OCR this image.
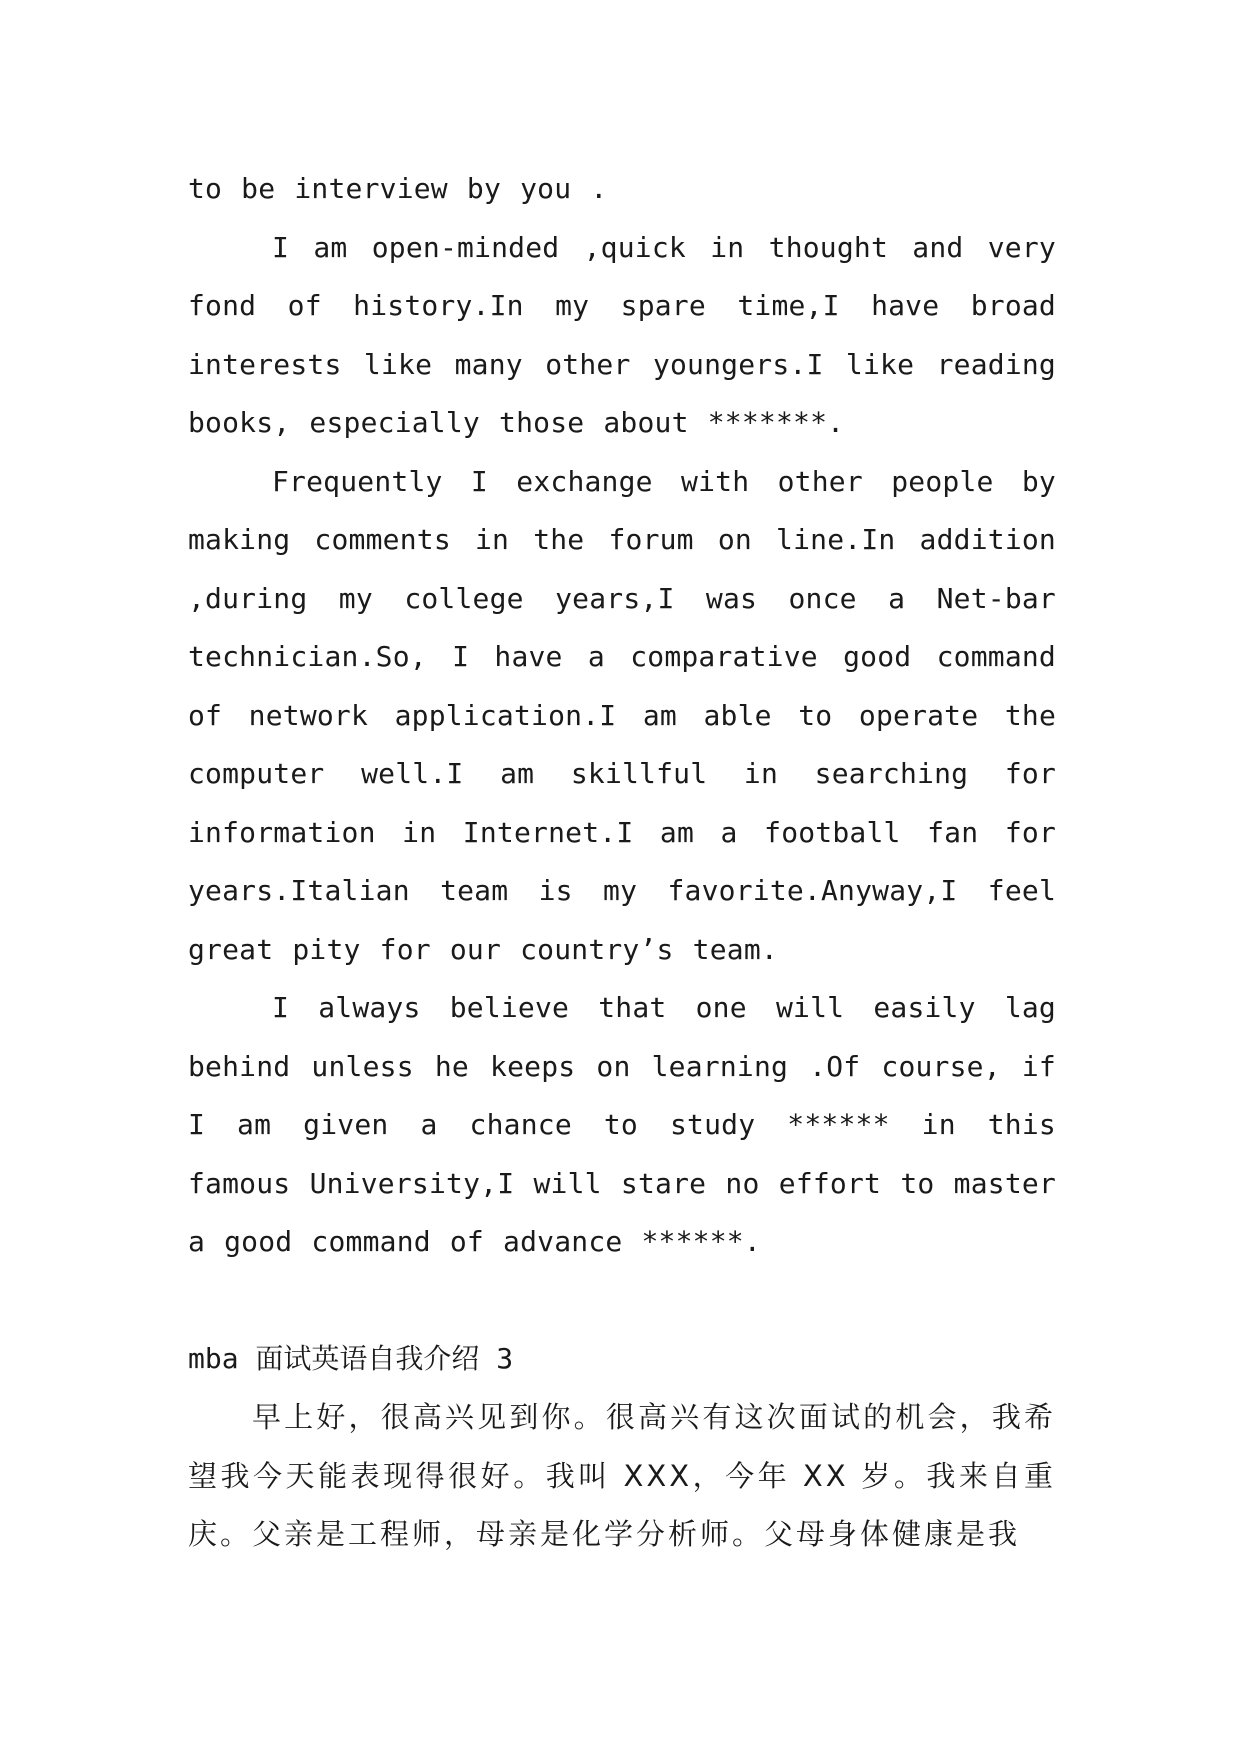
to be interview by you .

I am open-minded ,quick in thought and very fond of history.In my spare time,I have broad interests like many other youngers.I like reading books, especially those about *******.

Frequently I exchange with other people by making comments in the forum on line.In addition ,during my college years,I was once a Net-bar technician.So, I have a comparative good command of network application.I am able to operate the computer well.I am skillful in searching for information in Internet.I am a football fan for years.Italian team is my favorite.Anyway,I feel great pity for our country’s team.

I always believe that one will easily lag behind unless he keeps on learning .Of course, if I am given a chance to study ****** in this famous University,I will stare no effort to master a good command of advance ******.

mba 面试英语自我介绍 3

早上好，很高兴见到你。很高兴有这次面试的机会，我希望我今天能表现得很好。我叫 XXX，今年 XX 岁。我来自重庆。父亲是工程师，母亲是化学分析师。父母身体健康是我
